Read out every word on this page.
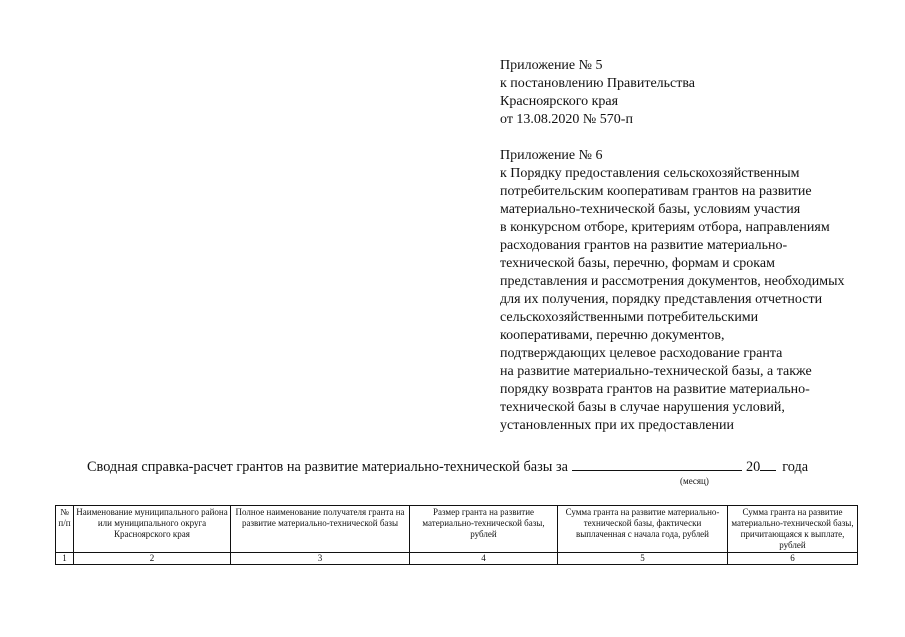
Приложение № 5
к постановлению Правительства
Красноярского края
от 13.08.2020 № 570-п
Приложение № 6
к Порядку предоставления сельскохозяйственным
потребительским кооперативам грантов на развитие
материально-технической базы, условиям участия
в конкурсном отборе, критериям отбора, направлениям
расходования грантов на развитие материально-
технической базы, перечню, формам и срокам
представления и рассмотрения документов, необходимых
для их получения, порядку представления отчетности
сельскохозяйственными потребительскими
кооперативами, перечню документов,
подтверждающих целевое расходование гранта
на развитие материально-технической базы, а также
порядку возврата грантов на развитие материально-
технической базы в случае нарушения условий,
установленных при их предоставлении
Сводная справка-расчет грантов на развитие материально-технической базы за	20 года
(месяц)
№ п/п	Наименование муниципального района или муниципального округа Красноярского края	Полное наименование получателя гранта на развитие материально-технической базы	Размер гранта на развитие материально-технической базы, рублей	Сумма гранта на развитие материально-технической базы, фактически выплаченная с начала года, рублей	Сумма гранта на развитие материально-технической базы, причитающаяся к выплате, рублей
1	2	3	4	5	6
